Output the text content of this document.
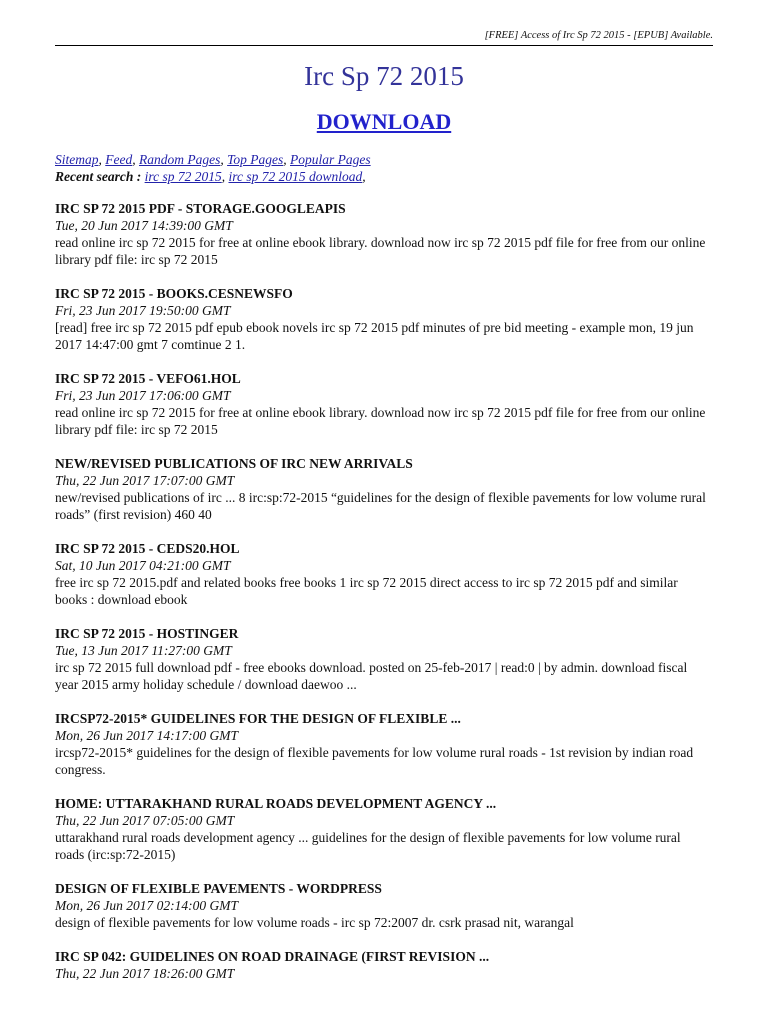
[FREE] Access of Irc Sp 72 2015 - [EPUB] Available.
Irc Sp 72 2015
DOWNLOAD
Sitemap, Feed, Random Pages, Top Pages, Popular Pages
Recent search : irc sp 72 2015, irc sp 72 2015 download,
IRC SP 72 2015 PDF - STORAGE.GOOGLEAPIS
Tue, 20 Jun 2017 14:39:00 GMT
read online irc sp 72 2015 for free at online ebook library. download now irc sp 72 2015 pdf file for free from our online library pdf file: irc sp 72 2015
IRC SP 72 2015 - BOOKS.CESNEWSFO
Fri, 23 Jun 2017 19:50:00 GMT
[read] free irc sp 72 2015 pdf epub ebook novels irc sp 72 2015 pdf minutes of pre bid meeting - example mon, 19 jun 2017 14:47:00 gmt 7 comtinue 2 1.
IRC SP 72 2015 - VEFO61.HOL
Fri, 23 Jun 2017 17:06:00 GMT
read online irc sp 72 2015 for free at online ebook library. download now irc sp 72 2015 pdf file for free from our online library pdf file: irc sp 72 2015
NEW/REVISED PUBLICATIONS OF IRC NEW ARRIVALS
Thu, 22 Jun 2017 17:07:00 GMT
new/revised publications of irc ... 8 irc:sp:72-2015 “guidelines for the design of flexible pavements for low volume rural roads” (first revision) 460 40
IRC SP 72 2015 - CEDS20.HOL
Sat, 10 Jun 2017 04:21:00 GMT
free irc sp 72 2015.pdf and related books free books 1 irc sp 72 2015 direct access to irc sp 72 2015 pdf and similar books : download ebook
IRC SP 72 2015 - HOSTINGER
Tue, 13 Jun 2017 11:27:00 GMT
irc sp 72 2015 full download pdf - free ebooks download. posted on 25-feb-2017 | read:0 | by admin. download fiscal year 2015 army holiday schedule / download daewoo ...
IRCSP72-2015* GUIDELINES FOR THE DESIGN OF FLEXIBLE ...
Mon, 26 Jun 2017 14:17:00 GMT
ircsp72-2015* guidelines for the design of flexible pavements for low volume rural roads - 1st revision by indian road congress.
HOME: UTTARAKHAND RURAL ROADS DEVELOPMENT AGENCY ...
Thu, 22 Jun 2017 07:05:00 GMT
uttarakhand rural roads development agency ... guidelines for the design of flexible pavements for low volume rural roads (irc:sp:72-2015)
DESIGN OF FLEXIBLE PAVEMENTS - WORDPRESS
Mon, 26 Jun 2017 02:14:00 GMT
design of flexible pavements for low volume roads - irc sp 72:2007 dr. csrk prasad nit, warangal
IRC SP 042: GUIDELINES ON ROAD DRAINAGE (FIRST REVISION ...
Thu, 22 Jun 2017 18:26:00 GMT
